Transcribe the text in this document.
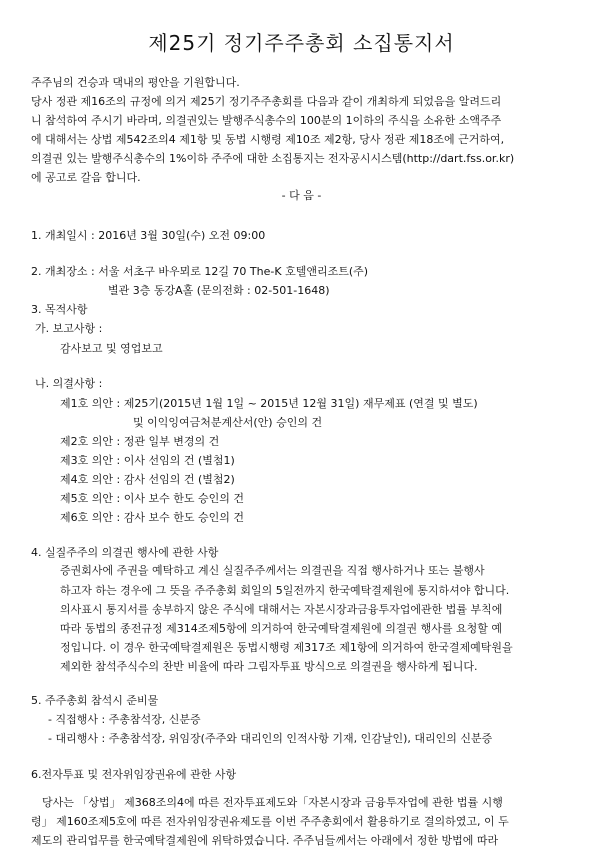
제25기 정기주주총회 소집통지서
주주님의 건승과 댁내의 평안을 기원합니다.
당사 정관 제16조의 규정에 의거 제25기 정기주주총회를 다음과 같이 개최하게 되었음을 알려드리
니 참석하여 주시기 바라며, 의결권있는 발행주식총수의 100분의 1이하의 주식을 소유한 소액주주
에 대해서는 상법 제542조의4 제1항 및 동법 시행령 제10조 제2항, 당사 정관 제18조에 근거하여,
의결권 있는 발행주식총수의 1%이하 주주에 대한 소집통지는 전자공시시스템(http://dart.fss.or.kr)
에 공고로 갈음 합니다.
- 다 음 -
1. 개최일시 : 2016년 3월 30일(수) 오전 09:00
2. 개최장소 : 서울 서초구 바우뫼로 12길 70 The-K 호텔앤리조트(주)
별관 3층 동강A홀 (문의전화 : 02-501-1648)
3. 목적사항
가. 보고사항 :
감사보고 및 영업보고
나. 의결사항 :
제1호 의안 : 제25기(2015년 1월 1일 ~ 2015년 12월 31일) 재무제표 (연결 및 별도)
및 이익잉여금처분계산서(안) 승인의 건
제2호 의안 : 정관 일부 변경의 건
제3호 의안 : 이사 선임의 건 (별첨1)
제4호 의안 : 감사 선임의 건 (별첨2)
제5호 의안 : 이사 보수 한도 승인의 건
제6호 의안 : 감사 보수 한도 승인의 건
4. 실질주주의 의결권 행사에 관한 사항
증권회사에 주권을 예탁하고 계신 실질주주께서는 의결권을 직접 행사하거나 또는 불행사
하고자 하는 경우에 그 뜻을 주주총회 회일의 5일전까지 한국예탁결제원에 통지하셔야 합니다.
의사표시 통지서를 송부하지 않은 주식에 대해서는 자본시장과금융투자업에관한 법률 부칙에
따라 동법의 종전규정 제314조제5항에 의거하여 한국예탁결제원에 의결권 행사를 요청할 예
정입니다. 이 경우 한국예탁결제원은 동법시행령 제317조 제1항에 의거하여 한국결제예탁원을
제외한 참석주식수의 찬반 비율에 따라 그림자투표 방식으로 의결권을 행사하게 됩니다.
5. 주주총회 참석시 준비물
- 직접행사 : 주총참석장, 신분증
- 대리행사 : 주총참석장, 위임장(주주와 대리인의 인적사항 기재, 인감날인), 대리인의 신분증
6.전자투표 및 전자위임장권유에 관한 사항
당사는 「상법」 제368조의4에 따른 전자투표제도와「자본시장과 금융투자업에 관한 법률 시행
령」 제160조제5호에 따른 전자위임장권유제도를 이번 주주총회에서 활용하기로 결의하였고, 이 두
제도의 관리업무를 한국예탁결제원에 위탁하였습니다. 주주님들께서는 아래에서 정한 방법에 따라
